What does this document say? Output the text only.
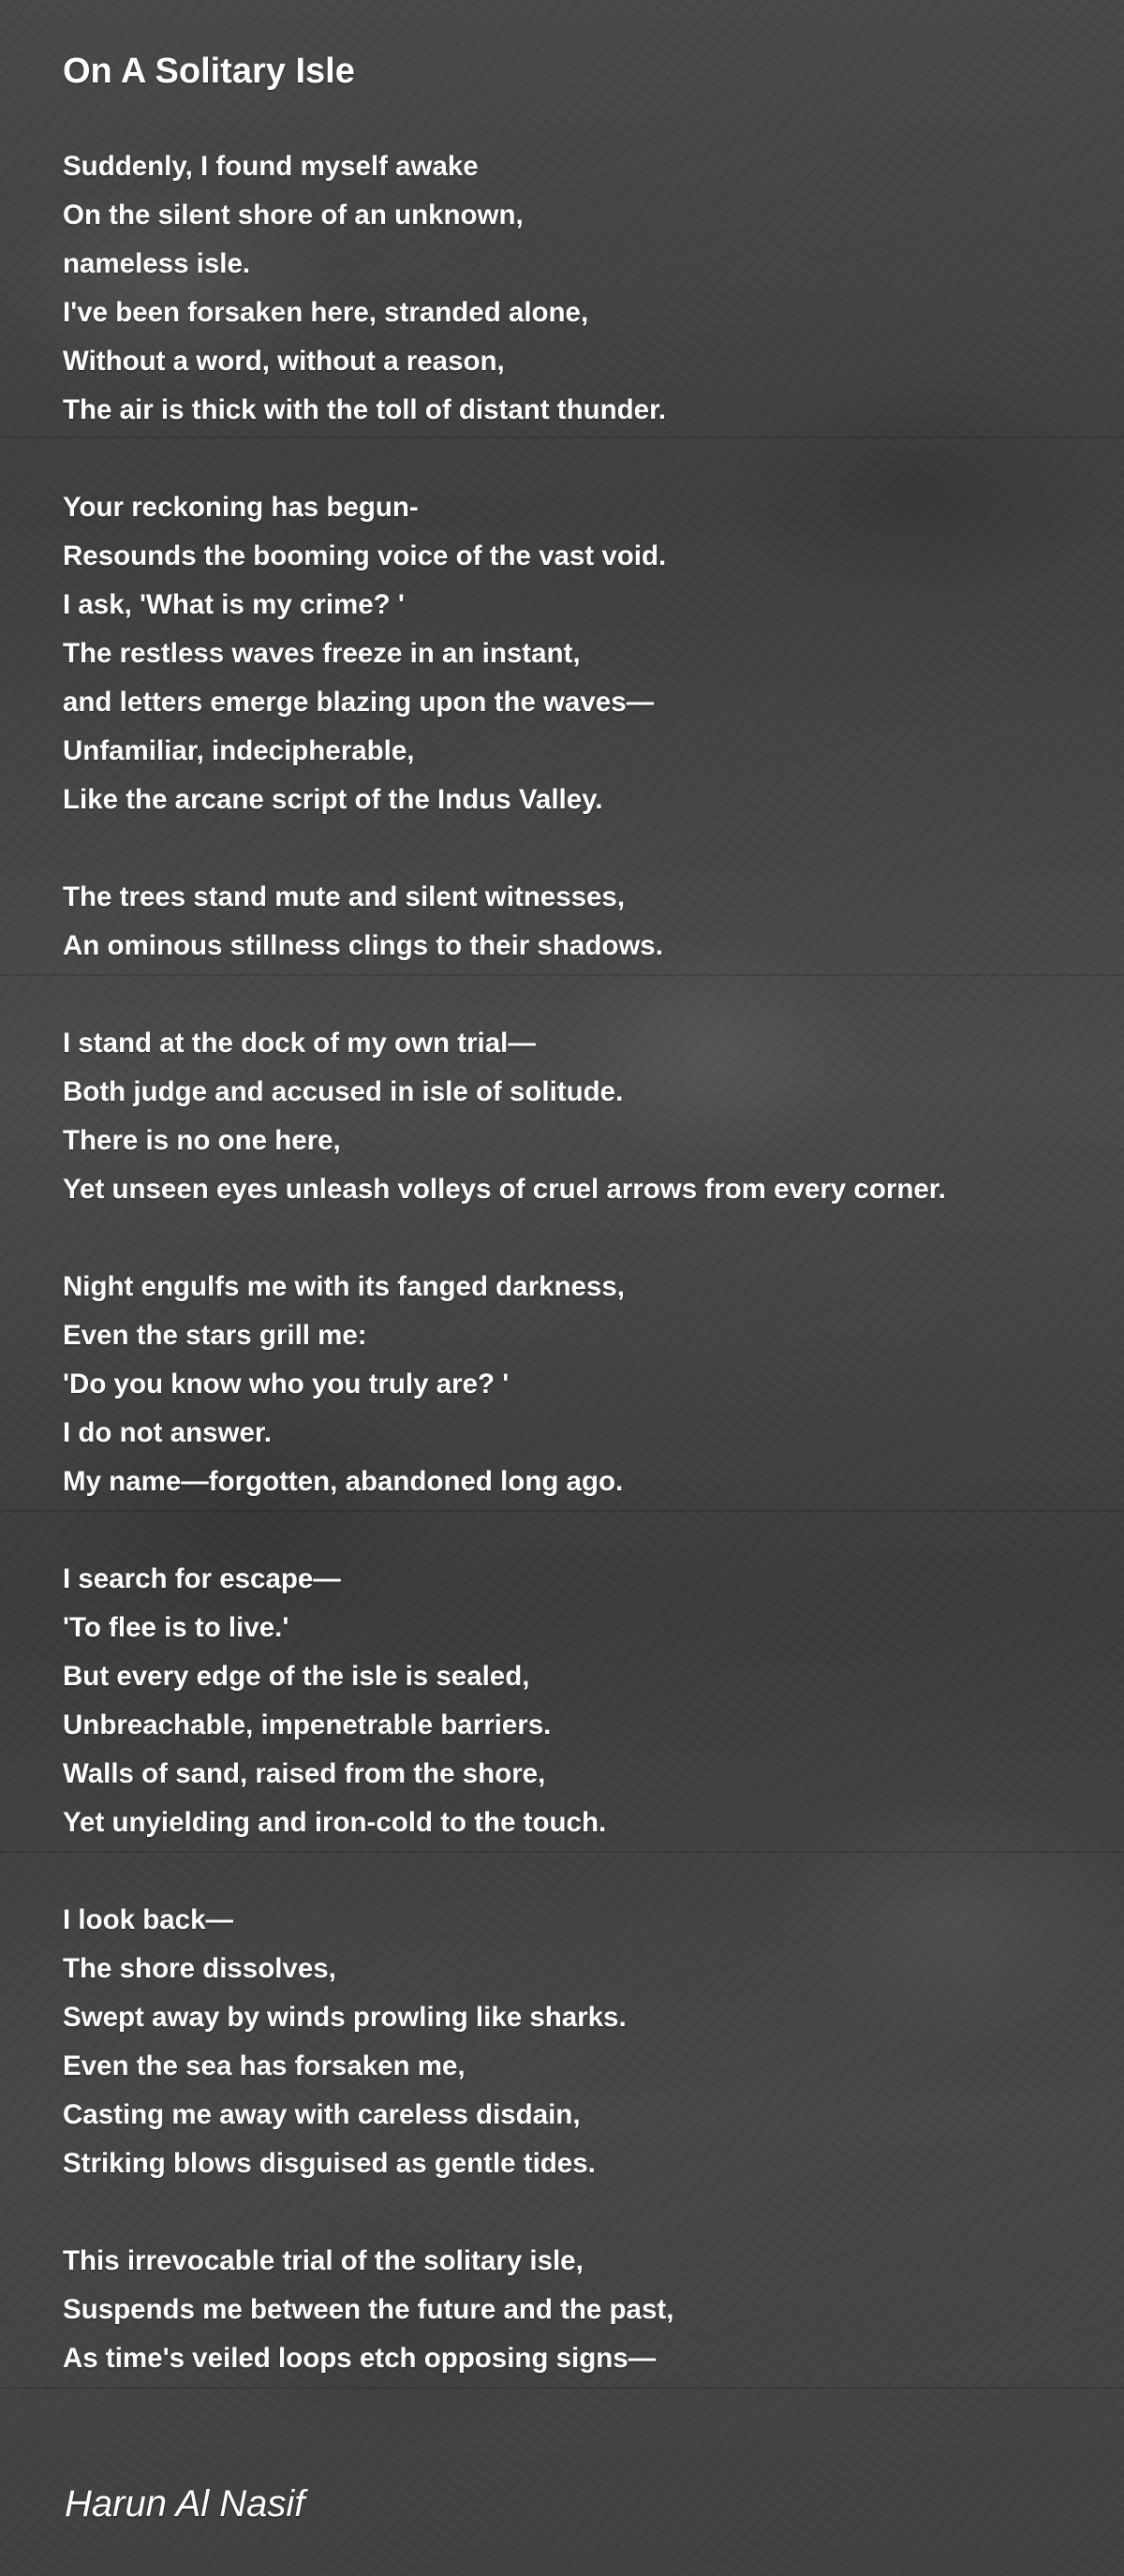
On A Solitary Isle
Suddenly, I found myself awake
On the silent shore of an unknown,
nameless isle.
I've been forsaken here, stranded alone,
Without a word, without a reason,
The air is thick with the toll of distant thunder.
Your reckoning has begun-
Resounds the booming voice of the vast void.
I ask, 'What is my crime? '
The restless waves freeze in an instant,
and letters emerge blazing upon the waves—
Unfamiliar, indecipherable,
Like the arcane script of the Indus Valley.
The trees stand mute and silent witnesses,
An ominous stillness clings to their shadows.
I stand at the dock of my own trial—
Both judge and accused in isle of solitude.
There is no one here,
Yet unseen eyes unleash volleys of cruel arrows from every corner.
Night engulfs me with its fanged darkness,
Even the stars grill me:
'Do you know who you truly are? '
I do not answer.
My name—forgotten, abandoned long ago.
I search for escape—
'To flee is to live.'
But every edge of the isle is sealed,
Unbreachable, impenetrable barriers.
Walls of sand, raised from the shore,
Yet unyielding and iron-cold to the touch.
I look back—
The shore dissolves,
Swept away by winds prowling like sharks.
Even the sea has forsaken me,
Casting me away with careless disdain,
Striking blows disguised as gentle tides.
This irrevocable trial of the solitary isle,
Suspends me between the future and the past,
As time's veiled loops etch opposing signs—
Harun Al Nasif
